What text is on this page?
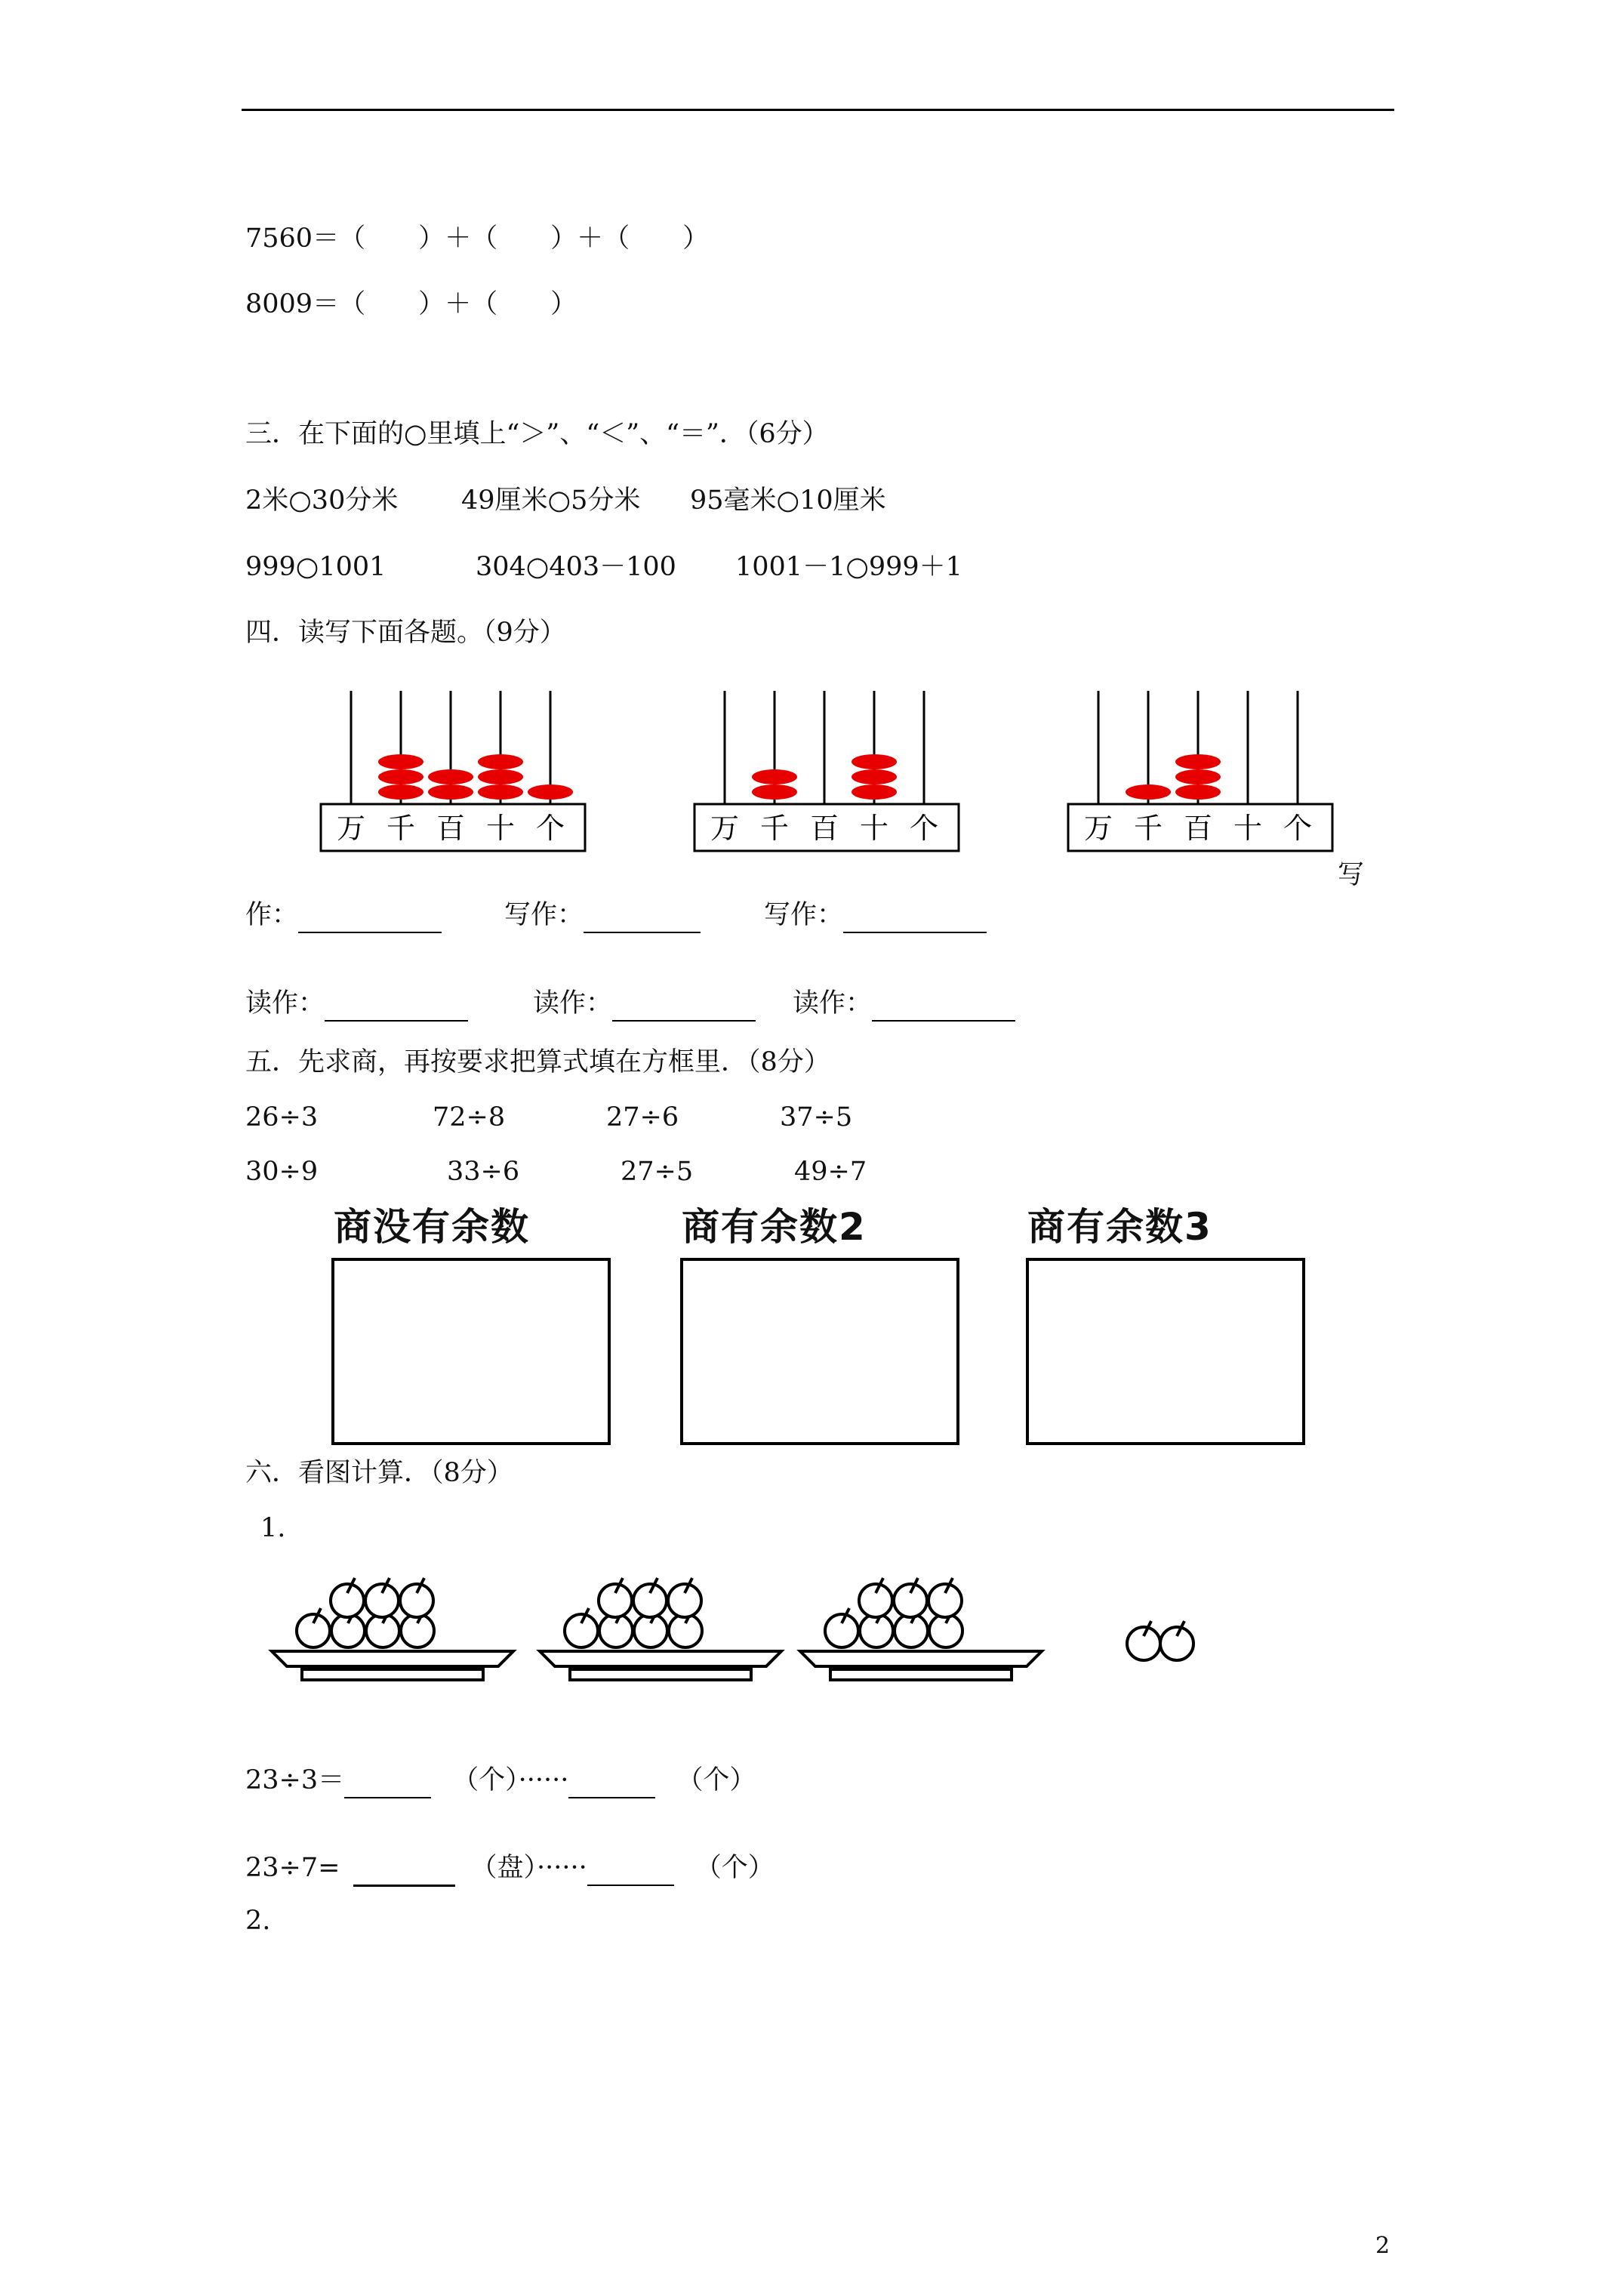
7560＝（　　）＋（　　）＋（　　）
8009＝（　　）＋（　　）
三．在下面的○里填上“＞”、“＜”、“＝”．（6分）
2米○30分米 49厘米○5分米 95毫米○10厘米
999○1001	304○403－100 1001－1○999＋1
四．读写下面各题。（9分）
万 千 百 十 个	万 千 百 十 个	万 千 百 十 个
写
作：	写作：	写作：
读作：	读作：	读作：
五．先求商，再按要求把算式填在方框里．（8分）
26÷3	72÷8	27÷6	37÷5
30÷9	33÷6	27÷5	49÷7
商没有余数	商有余数2	商有余数3
六．看图计算．（8分）
1.
23÷3＝	（个）······	（个）
23÷7=	（盘）······	（个）
2.
2
